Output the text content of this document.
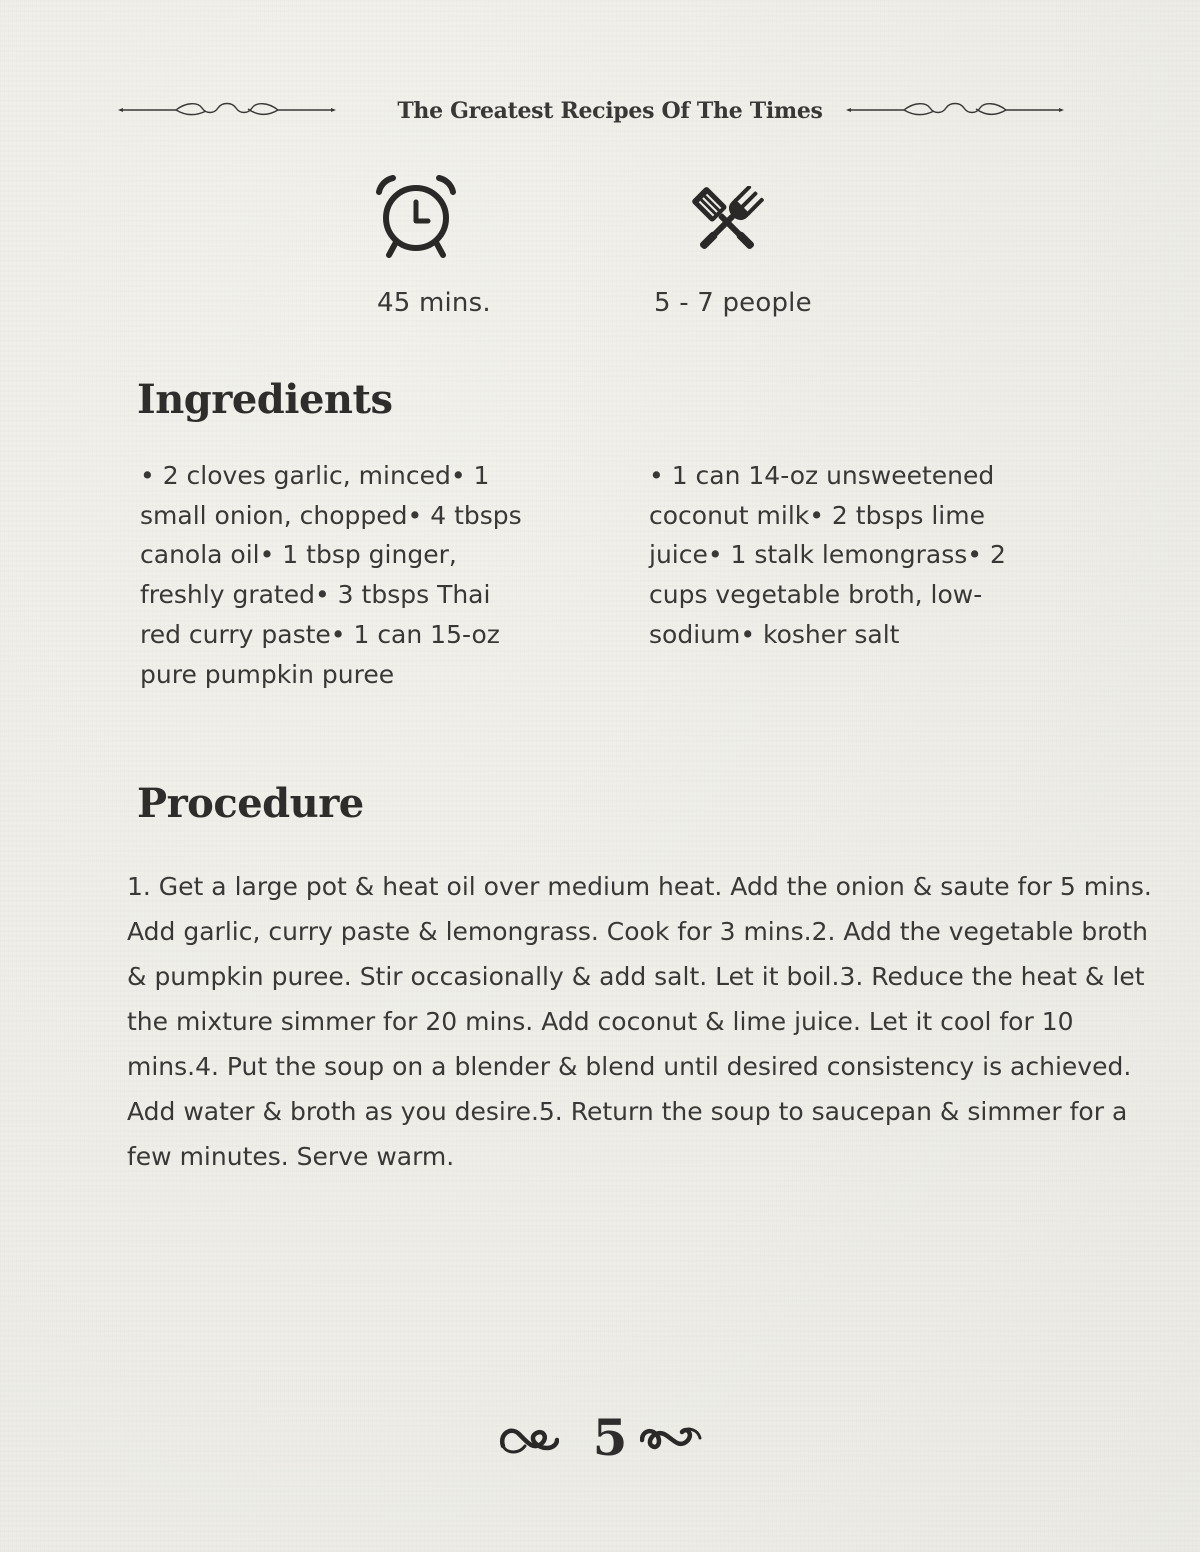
The Greatest Recipes Of The Times
45 mins.	5 - 7 people
Ingredients
• 2 cloves garlic, minced• 1 small onion, chopped• 4 tbsps canola oil• 1 tbsp ginger, freshly grated• 3 tbsps Thai red curry paste• 1 can 15-oz pure pumpkin puree
• 1 can 14-oz unsweetened coconut milk• 2 tbsps lime juice• 1 stalk lemongrass• 2 cups vegetable broth, low-sodium• kosher salt
Procedure
1. Get a large pot & heat oil over medium heat. Add the onion & saute for 5 mins. Add garlic, curry paste & lemongrass. Cook for 3 mins.2. Add the vegetable broth & pumpkin puree. Stir occasionally & add salt. Let it boil.3. Reduce the heat & let the mixture simmer for 20 mins. Add coconut & lime juice. Let it cool for 10 mins.4. Put the soup on a blender & blend until desired consistency is achieved. Add water & broth as you desire.5. Return the soup to saucepan & simmer for a few minutes. Serve warm.
5
